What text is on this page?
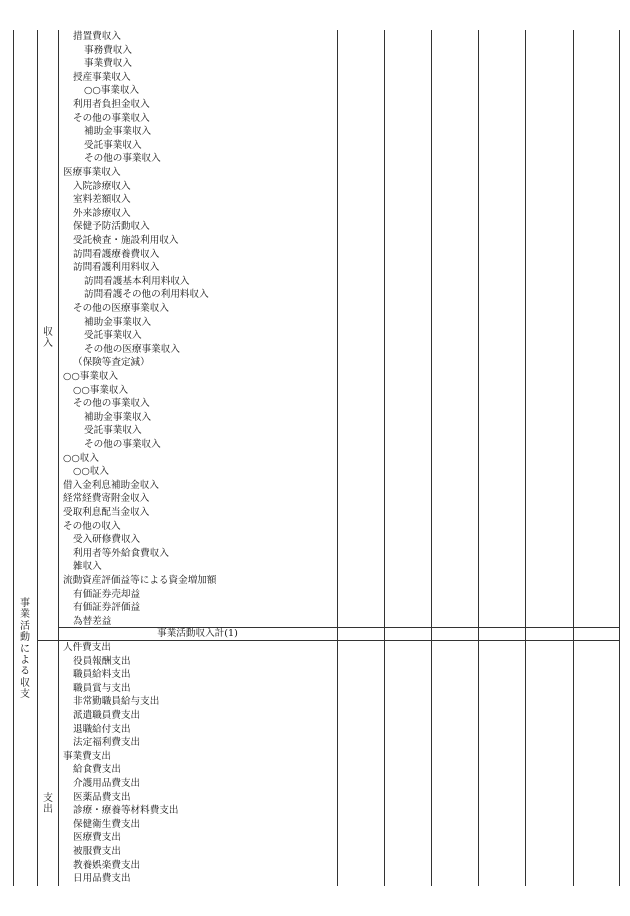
事
業
活
動
に
よ
る
収
支
収
入
支
出
措置費収入
事務費収入
事業費収入
授産事業収入
○○事業収入
利用者負担金収入
その他の事業収入
補助金事業収入
受託事業収入
その他の事業収入
医療事業収入
入院診療収入
室料差額収入
外来診療収入
保健予防活動収入
受託検査・施設利用収入
訪問看護療養費収入
訪問看護利用料収入
訪問看護基本利用料収入
訪問看護その他の利用料収入
その他の医療事業収入
補助金事業収入
受託事業収入
その他の医療事業収入
（保険等査定減）
○○事業収入
○○事業収入
その他の事業収入
補助金事業収入
受託事業収入
その他の事業収入
○○収入
○○収入
借入金利息補助金収入
経常経費寄附金収入
受取利息配当金収入
その他の収入
受入研修費収入
利用者等外給食費収入
雑収入
流動資産評価益等による資金増加額
有価証券売却益
有価証券評価益
為替差益
事業活動収入計(1)
人件費支出
役員報酬支出
職員給料支出
職員賞与支出
非常勤職員給与支出
派遣職員費支出
退職給付支出
法定福利費支出
事業費支出
給食費支出
介護用品費支出
医薬品費支出
診療・療養等材料費支出
保健衛生費支出
医療費支出
被服費支出
教養娯楽費支出
日用品費支出
